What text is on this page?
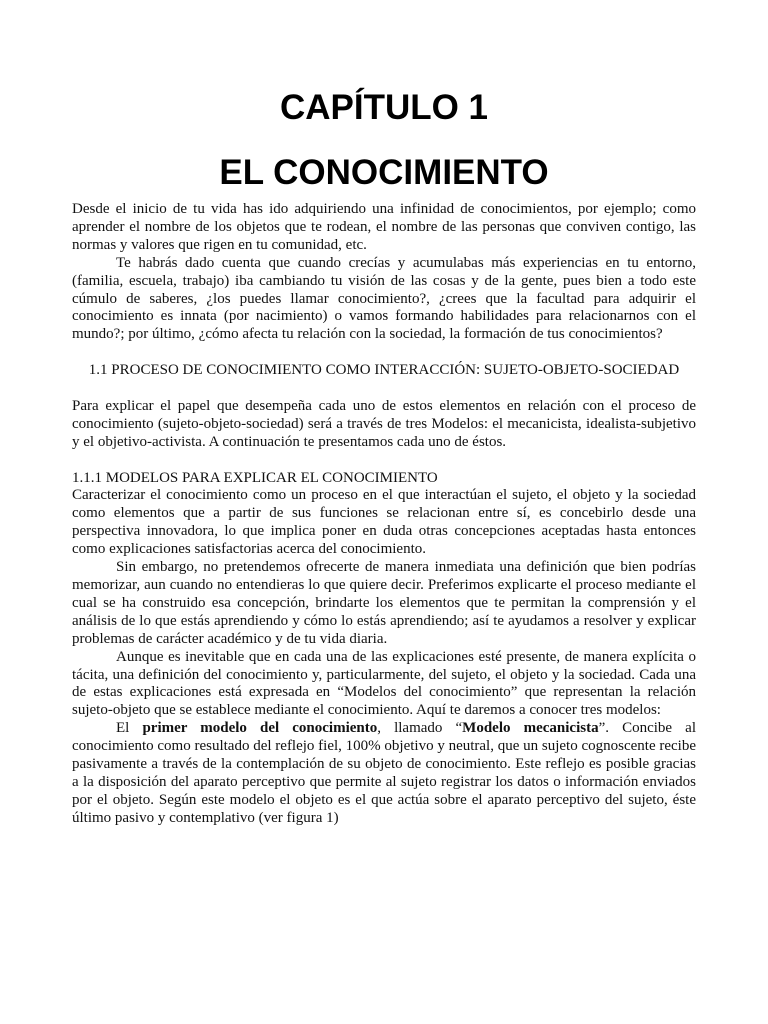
CAPÍTULO 1
EL CONOCIMIENTO

Desde el inicio de tu vida has ido adquiriendo una infinidad de conocimientos, por ejemplo; como aprender el nombre de los objetos que te rodean, el nombre de las personas que conviven contigo, las normas y valores que rigen en tu comunidad, etc.

Te habrás dado cuenta que cuando crecías y acumulabas más experiencias en tu entorno, (familia, escuela, trabajo) iba cambiando tu visión de las cosas y de la gente, pues bien a todo este cúmulo de saberes, ¿los puedes llamar conocimiento?, ¿crees que la facultad para adquirir el conocimiento es innata (por nacimiento) o vamos formando habilidades para relacionarnos con el mundo?; por último, ¿cómo afecta tu relación con la sociedad, la formación de tus conocimientos?

1.1 PROCESO DE CONOCIMIENTO COMO INTERACCIÓN: SUJETO-OBJETO-SOCIEDAD

Para explicar el papel que desempeña cada uno de estos elementos en relación con el proceso de conocimiento (sujeto-objeto-sociedad) será a través de tres Modelos: el mecanicista, idealista-subjetivo y el objetivo-activista. A continuación te presentamos cada uno de éstos.

1.1.1 MODELOS PARA EXPLICAR EL CONOCIMIENTO

Caracterizar el conocimiento como un proceso en el que interactúan el sujeto, el objeto y la sociedad como elementos que a partir de sus funciones se relacionan entre sí, es concebirlo desde una perspectiva innovadora, lo que implica poner en duda otras concepciones aceptadas hasta entonces como explicaciones satisfactorias acerca del conocimiento.

Sin embargo, no pretendemos ofrecerte de manera inmediata una definición que bien podrías memorizar, aun cuando no entendieras lo que quiere decir. Preferimos explicarte el proceso mediante el cual se ha construido esa concepción, brindarte los elementos que te permitan la comprensión y el análisis de lo que estás aprendiendo y cómo lo estás aprendiendo; así te ayudamos a resolver y explicar problemas de carácter académico y de tu vida diaria.

Aunque es inevitable que en cada una de las explicaciones esté presente, de manera explícita o tácita, una definición del conocimiento y, particularmente, del sujeto, el objeto y la sociedad. Cada una de estas explicaciones está expresada en “Modelos del conocimiento” que representan la relación sujeto-objeto que se establece mediante el conocimiento. Aquí te daremos a conocer tres modelos:

El primer modelo del conocimiento, llamado “Modelo mecanicista”. Concibe al conocimiento como resultado del reflejo fiel, 100% objetivo y neutral, que un sujeto cognoscente recibe pasivamente a través de la contemplación de su objeto de conocimiento. Este reflejo es posible gracias a la disposición del aparato perceptivo que permite al sujeto registrar los datos o información enviados por el objeto. Según este modelo el objeto es el que actúa sobre el aparato perceptivo del sujeto, éste último pasivo y contemplativo (ver figura 1)
